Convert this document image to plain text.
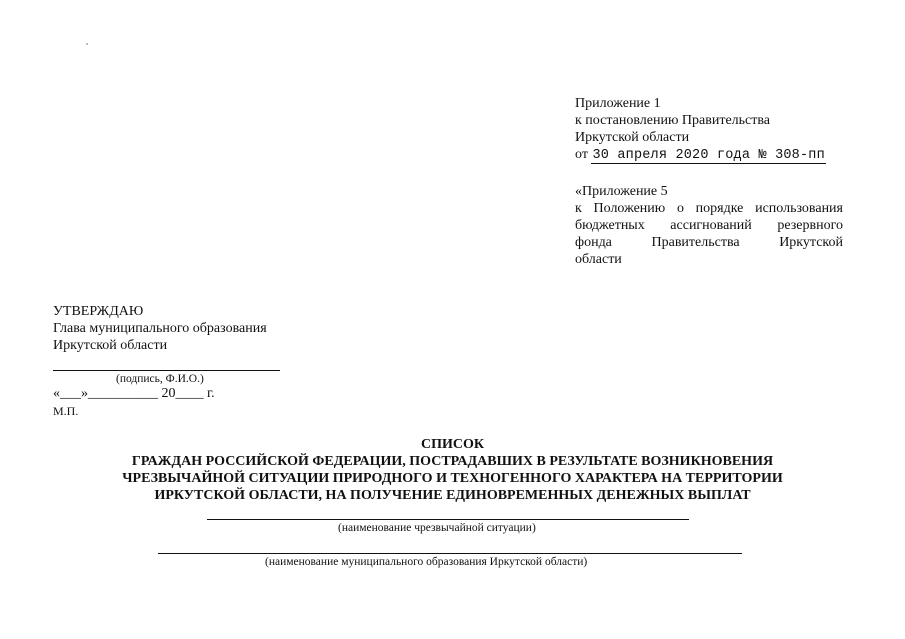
Приложение 1
к постановлению Правительства
Иркутской области
от 30 апреля 2020 года № 308-пп
«Приложение 5
к Положению о порядке использования
бюджетных ассигнований резервного
фонда Правительства Иркутской
области
УТВЕРЖДАЮ
Глава муниципального образования
Иркутской области
(подпись, Ф.И.О.)
«___»__________ 20____ г.
М.П.
СПИСОК
ГРАЖДАН РОССИЙСКОЙ ФЕДЕРАЦИИ, ПОСТРАДАВШИХ В РЕЗУЛЬТАТЕ ВОЗНИКНОВЕНИЯ
ЧРЕЗВЫЧАЙНОЙ СИТУАЦИИ ПРИРОДНОГО И ТЕХНОГЕННОГО ХАРАКТЕРА НА ТЕРРИТОРИИ
ИРКУТСКОЙ ОБЛАСТИ, НА ПОЛУЧЕНИЕ ЕДИНОВРЕМЕННЫХ ДЕНЕЖНЫХ ВЫПЛАТ
(наименование чрезвычайной ситуации)
(наименование муниципального образования Иркутской области)
